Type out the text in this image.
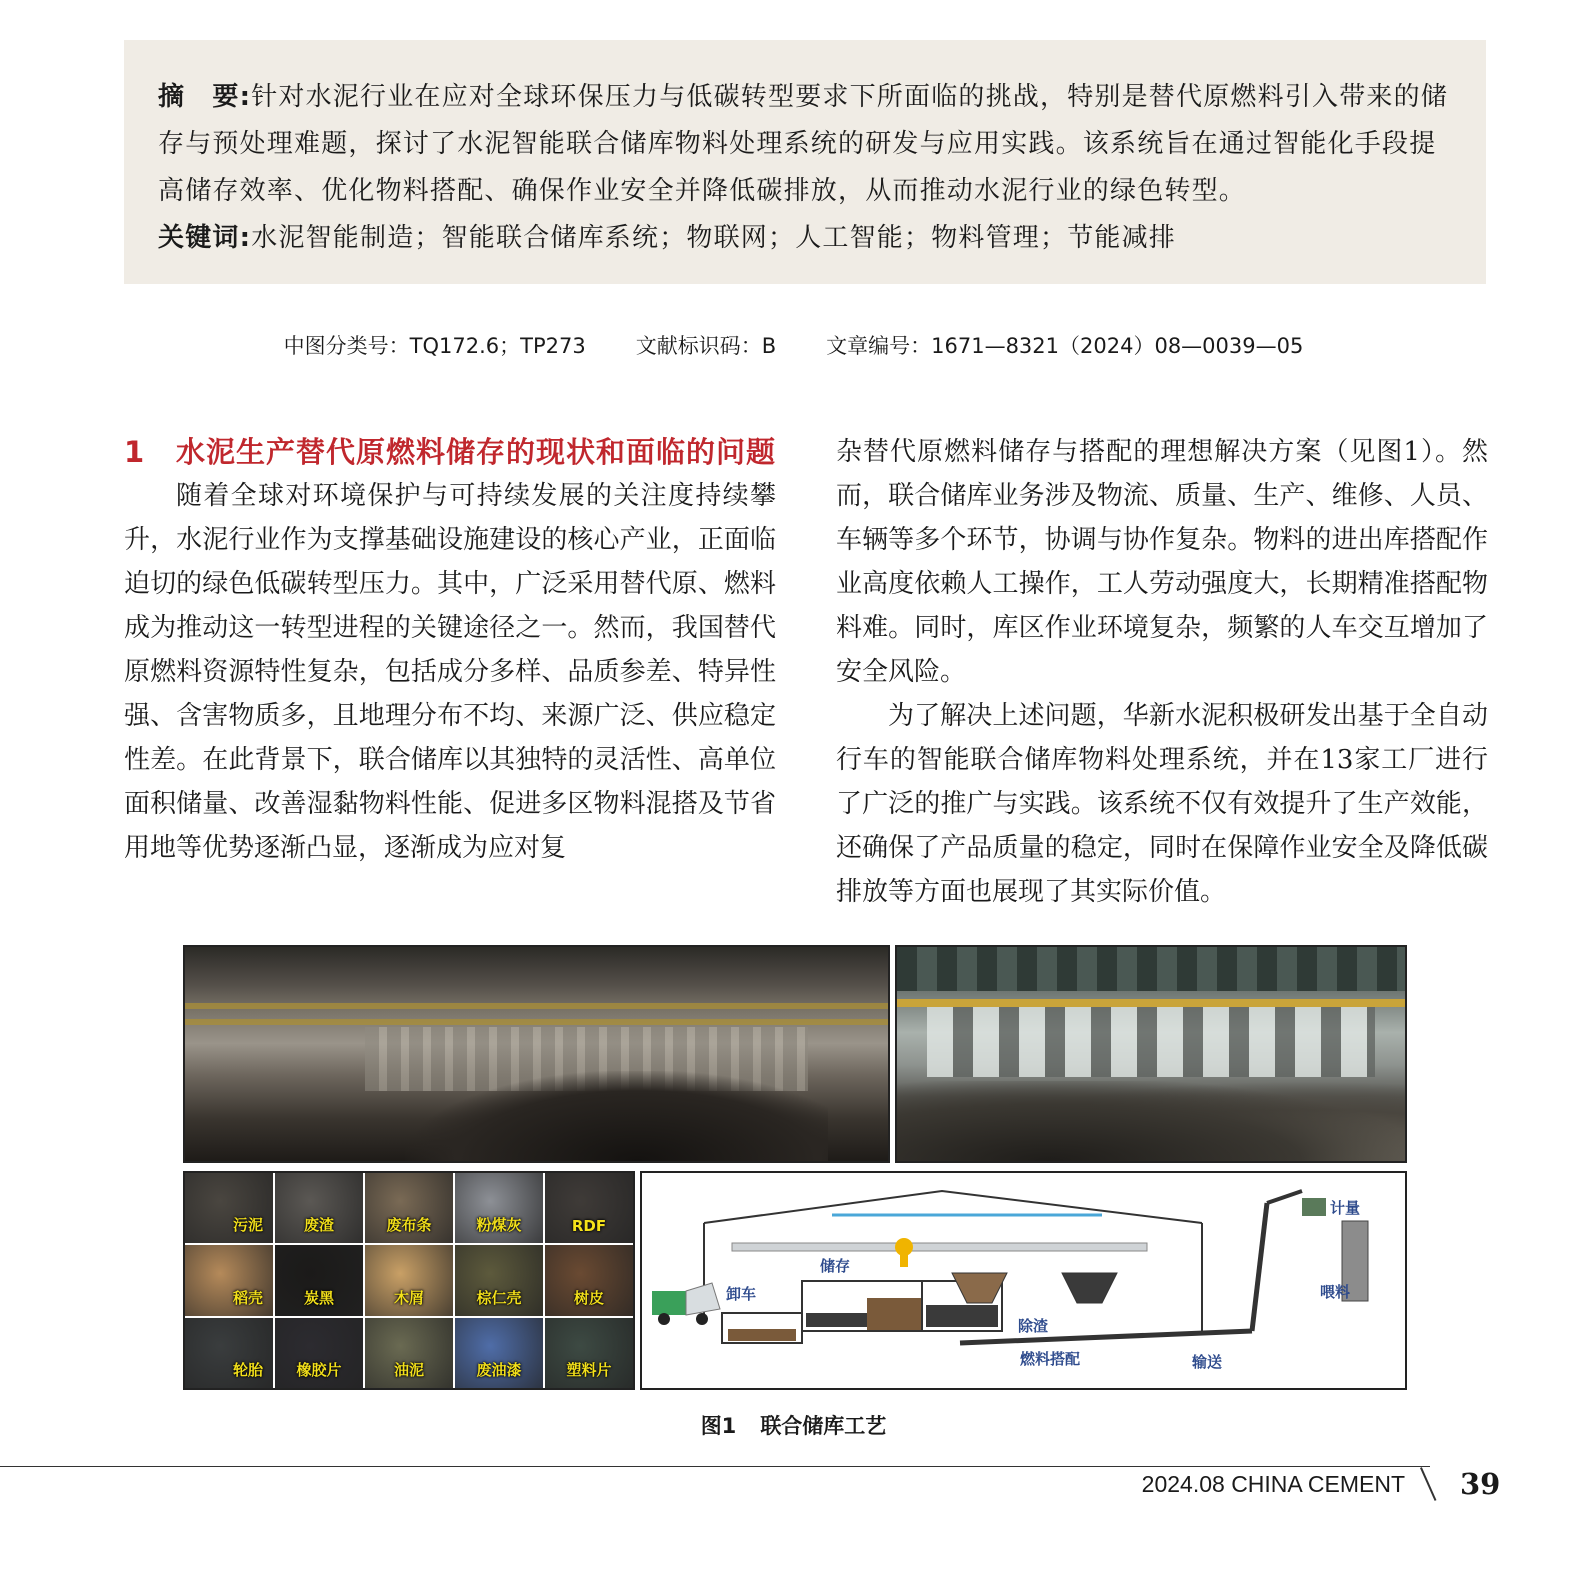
摘　要:针对水泥行业在应对全球环保压力与低碳转型要求下所面临的挑战，特别是替代原燃料引入带来的储存与预处理难题，探讨了水泥智能联合储库物料处理系统的研发与应用实践。该系统旨在通过智能化手段提高储存效率、优化物料搭配、确保作业安全并降低碳排放，从而推动水泥行业的绿色转型。

关键词:水泥智能制造；智能联合储库系统；物联网；人工智能；物料管理；节能减排

中图分类号：TQ172.6；TP273 文献标识码：B 文章编号：1671—8321（2024）08—0039—05
1 水泥生产替代原燃料储存的现状和面临的问题

随着全球对环境保护与可持续发展的关注度持续攀升，水泥行业作为支撑基础设施建设的核心产业，正面临迫切的绿色低碳转型压力。其中，广泛采用替代原、燃料成为推动这一转型进程的关键途径之一。然而，我国替代原燃料资源特性复杂，包括成分多样、品质参差、特异性强、含害物质多，且地理分布不均、来源广泛、供应稳定性差。在此背景下，联合储库以其独特的灵活性、高单位面积储量、改善湿黏物料性能、促进多区物料混搭及节省用地等优势逐渐凸显，逐渐成为应对复

杂替代原燃料储存与搭配的理想解决方案（见图1）。然而，联合储库业务涉及物流、质量、生产、维修、人员、车辆等多个环节，协调与协作复杂。物料的进出库搭配作业高度依赖人工操作，工人劳动强度大，长期精准搭配物料难。同时，库区作业环境复杂，频繁的人车交互增加了安全风险。

为了解决上述问题，华新水泥积极研发出基于全自动行车的智能联合储库物料处理系统，并在13家工厂进行了广泛的推广与实践。该系统不仅有效提升了生产效能，还确保了产品质量的稳定，同时在保障作业安全及降低碳排放等方面也展现了其实际价值。

污泥	废渣	废布条	粉煤灰	RDF
稻壳	炭黑	木屑	棕仁壳	树皮
轮胎	橡胶片	油泥	废油漆	塑料片
卸车
储存
除渣
燃料搭配	输送
计量
喂料
图1 联合储库工艺
2024.08 CHINA CEMENT 39
